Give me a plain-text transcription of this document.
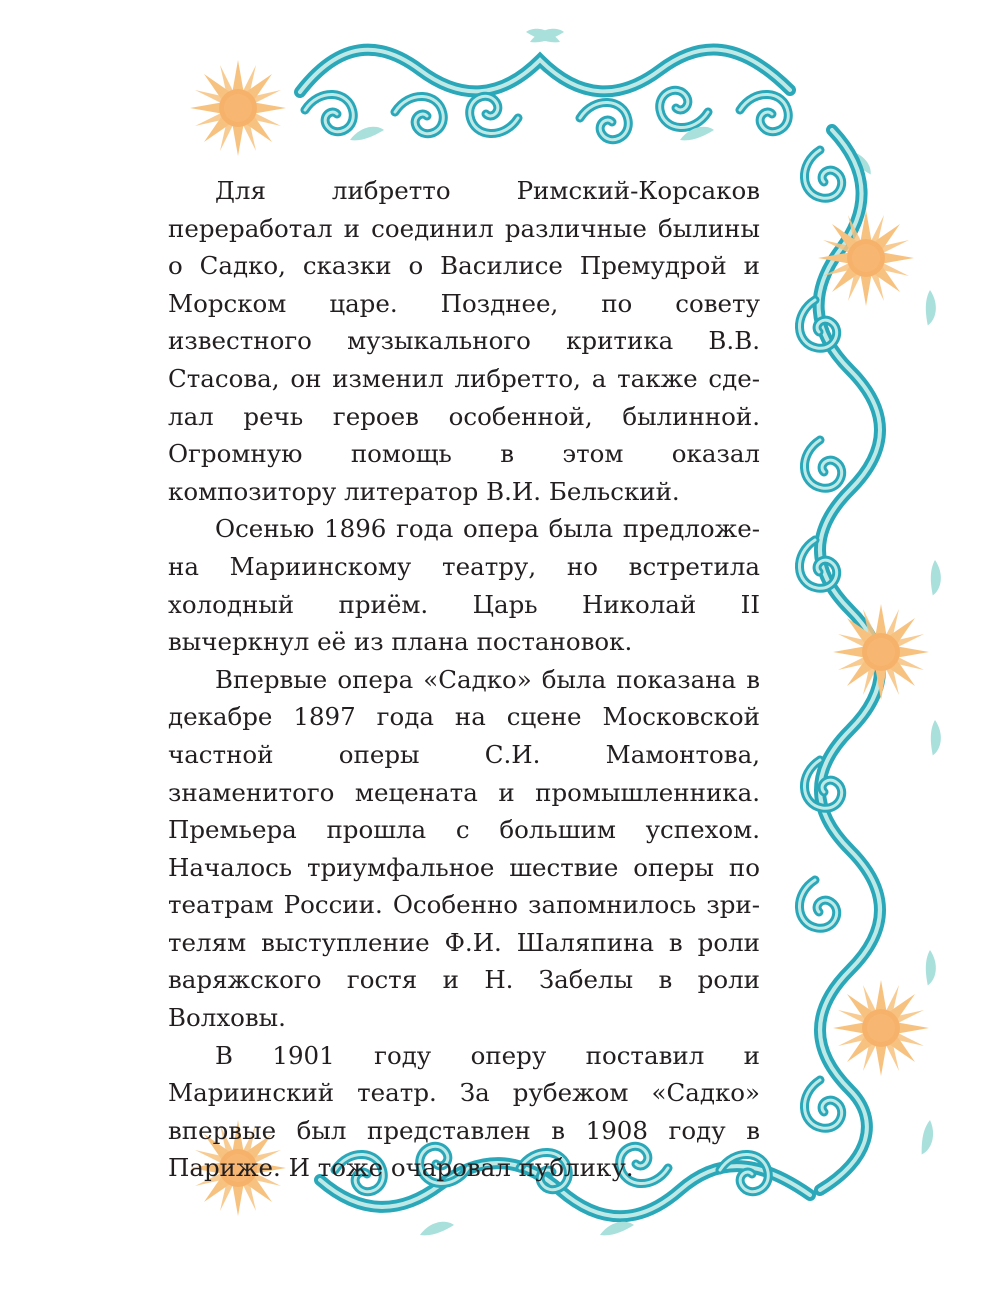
Для либретто Римский-Корсаков переработал и соединил различные былины о Садко, сказки о Василисе Премудрой и Морском царе. Позднее, по совету известного музыкального критика В.В. Стасова, он изменил либретто, а также сделал речь героев особенной, былинной. Огромную помощь в этом оказал композитору литератор В.И. Бельский.

Осенью 1896 года опера была предложена Мариинскому театру, но встретила холодный приём. Царь Николай II вычеркнул её из плана постановок.

Впервые опера «Садко» была показана в декабре 1897 года на сцене Московской частной оперы С.И. Мамонтова, знаменитого мецената и промышленника. Премьера прошла с большим успехом. Началось триумфальное шествие оперы по театрам России. Особенно запомнилось зрителям выступление Ф.И. Шаляпина в роли варяжского гостя и Н. Забелы в роли Волховы.

В 1901 году оперу поставил и Мариинский театр. За рубежом «Садко» впервые был представлен в 1908 году в Париже. И тоже очаровал публику.
